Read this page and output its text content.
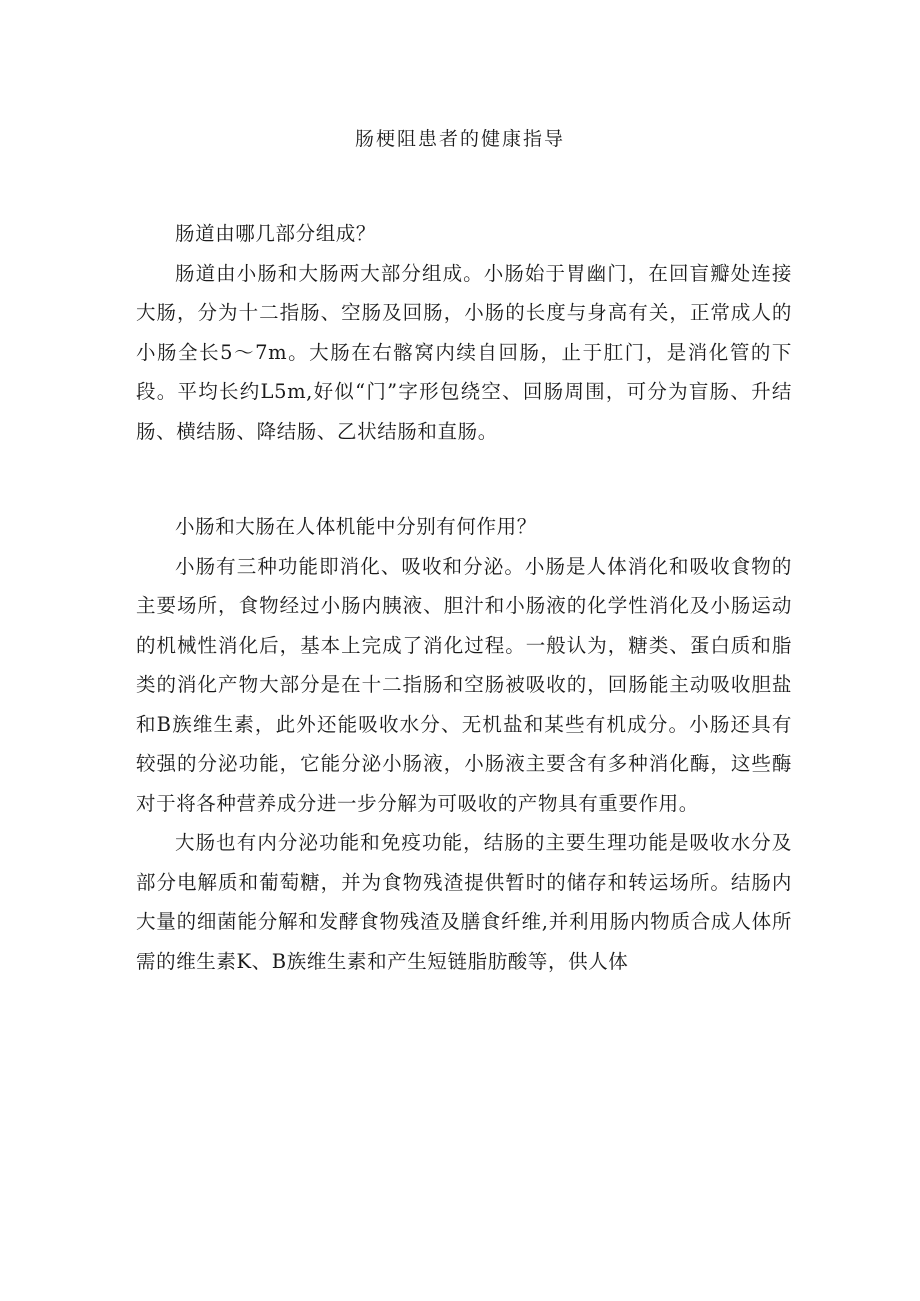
肠梗阻患者的健康指导

肠道由哪几部分组成？

肠道由小肠和大肠两大部分组成。小肠始于胃幽门，在回盲瓣处连接大肠，分为十二指肠、空肠及回肠，小肠的长度与身高有关，正常成人的小肠全长5～7m。大肠在右髂窝内续自回肠，止于肛门，是消化管的下段。平均长约L5m,好似“门”字形包绕空、回肠周围，可分为盲肠、升结肠、横结肠、降结肠、乙状结肠和直肠。

小肠和大肠在人体机能中分别有何作用？

小肠有三种功能即消化、吸收和分泌。小肠是人体消化和吸收食物的主要场所，食物经过小肠内胰液、胆汁和小肠液的化学性消化及小肠运动的机械性消化后，基本上完成了消化过程。一般认为，糖类、蛋白质和脂类的消化产物大部分是在十二指肠和空肠被吸收的，回肠能主动吸收胆盐和B族维生素，此外还能吸收水分、无机盐和某些有机成分。小肠还具有较强的分泌功能，它能分泌小肠液，小肠液主要含有多种消化酶，这些酶对于将各种营养成分进一步分解为可吸收的产物具有重要作用。

大肠也有内分泌功能和免疫功能，结肠的主要生理功能是吸收水分及部分电解质和葡萄糖，并为食物残渣提供暂时的储存和转运场所。结肠内大量的细菌能分解和发酵食物残渣及膳食纤维,并利用肠内物质合成人体所需的维生素K、B族维生素和产生短链脂肪酸等，供人体
